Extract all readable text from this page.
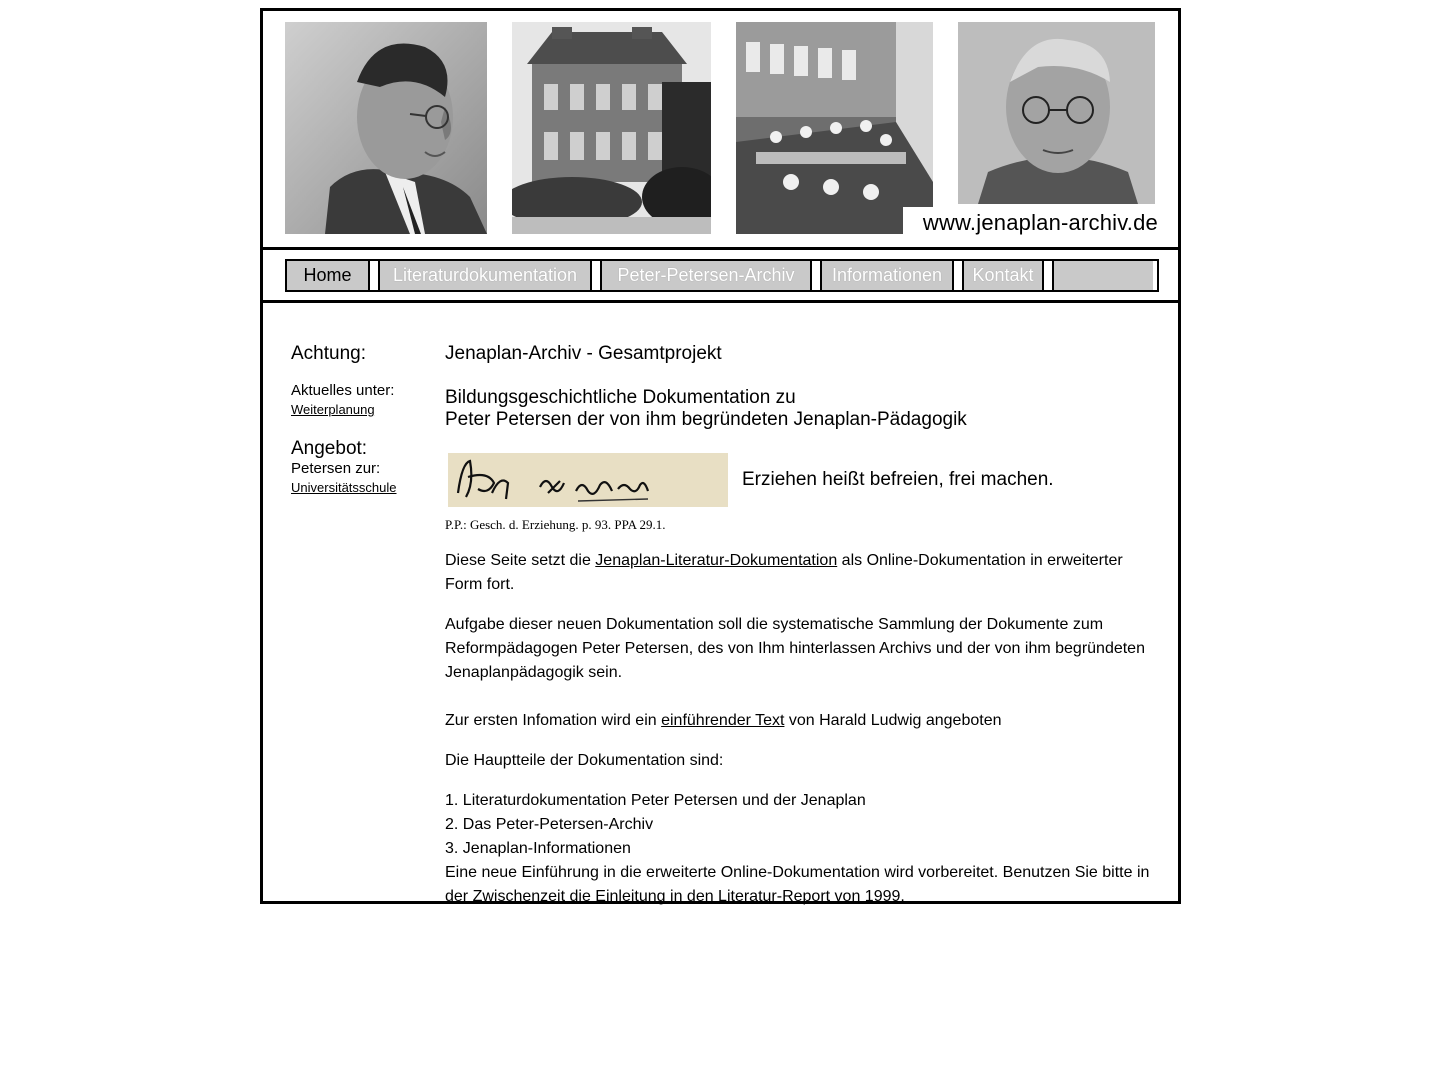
www.jenaplan-archiv.de
Home	Literaturdokumentation	Peter-Petersen-Archiv	Informationen	Kontakt
Achtung:
Aktuelles unter:
Weiterplanung
Angebot:
Petersen zur:
Universitätsschule
Jenaplan-Archiv - Gesamtprojekt
Bildungsgeschichtliche Dokumentation zu
Peter Petersen der von ihm begründeten Jenaplan-Pädagogik
Erziehen heißt befreien, frei machen.
P.P.: Gesch. d. Erziehung. p. 93. PPA 29.1.

Diese Seite setzt die Jenaplan-Literatur-Dokumentation als Online-Dokumentation in erweiterter Form fort.

Aufgabe dieser neuen Dokumentation soll die systematische Sammlung der Dokumente zum Reformpädagogen Peter Petersen, des von Ihm hinterlassen Archivs und der von ihm begründeten Jenaplanpädagogik sein.

Zur ersten Infomation wird ein einführender Text von Harald Ludwig angeboten

Die Hauptteile der Dokumentation sind:

1. Literaturdokumentation Peter Petersen und der Jenaplan

2. Das Peter-Petersen-Archiv

3. Jenaplan-Informationen

Eine neue Einführung in die erweiterte Online-Dokumentation wird vorbereitet. Benutzen Sie bitte in der Zwischenzeit die Einleitung in den Literatur-Report von 1999.
